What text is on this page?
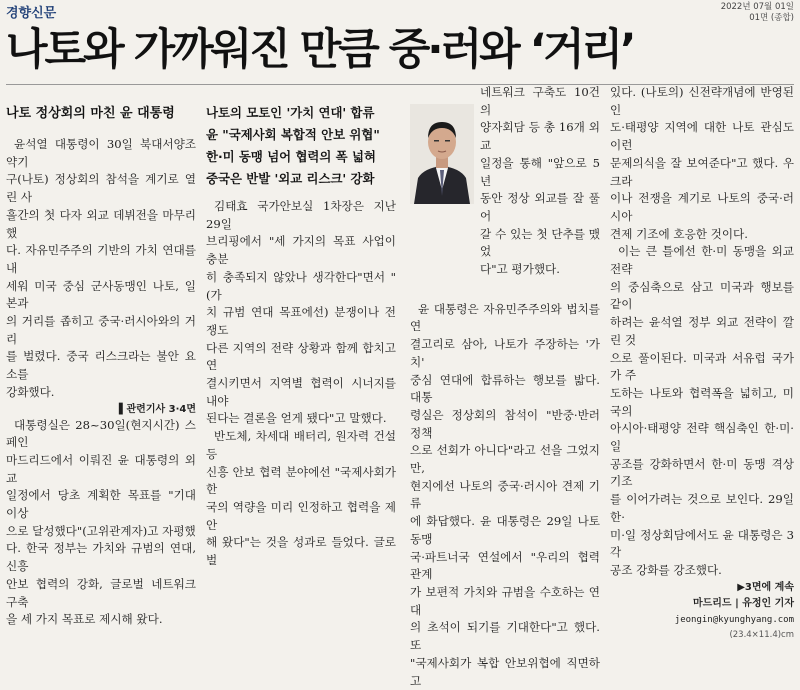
경향신문	2022년 07월 01일
01면 (종합)
나토와 가까워진 만큼 중·러와 ‘거리’
나토 정상회의 마친 윤 대통령

윤석열 대통령이 30일 북대서양조약기

구(나토) 정상회의 참석을 계기로 열린 사

흘간의 첫 다자 외교 데뷔전을 마무리했

다. 자유민주주의 기반의 가치 연대를 내

세워 미국 중심 군사동맹인 나토, 일본과

의 거리를 좁히고 중국·러시아와의 거리

를 벌렸다. 중국 리스크라는 불안 요소를

강화했다.

▌관련기사 3·4면

대통령실은 28~30일(현지시간) 스페인

마드리드에서 이뤄진 윤 대통령의 외교

일정에서 당초 계획한 목표를 "기대 이상

으로 달성했다"(고위관계자)고 자평했

다. 한국 정부는 가치와 규범의 연대, 신흥

안보 협력의 강화, 글로벌 네트워크 구축

을 세 가지 목표로 제시해 왔다.

나토의 모토인 '가치 연대' 합류
윤 "국제사회 복합적 안보 위협"
한·미 동맹 넘어 협력의 폭 넓혀
중국은 반발 '외교 리스크' 강화

김태효 국가안보실 1차장은 지난 29일

브리핑에서 "세 가지의 목표 사업이 충분

히 충족되지 않았나 생각한다"면서 "(가

치 규범 연대 목표에선) 분쟁이나 전쟁도

다른 지역의 전략 상황과 함께 합치고 연

결시키면서 지역별 협력이 시너지를 내야

된다는 결론을 얻게 됐다"고 말했다.

반도체, 차세대 배터리, 원자력 건설 등

신흥 안보 협력 분야에선 "국제사회가 한

국의 역량을 미리 인정하고 협력을 제안

해 왔다"는 것을 성과로 들었다. 글로벌

네트워크 구축도 10건의

양자회담 등 총 16개 외교

일정을 통해 "앞으로 5년

동안 정상 외교를 잘 풀어

갈 수 있는 첫 단추를 맸었

다"고 평가했다.

윤 대통령은 자유민주주의와 법치를 연

결고리로 삼아, 나토가 주장하는 '가치'

중심 연대에 합류하는 행보를 밟다. 대통

령실은 정상회의 참석이 "반중·반러 정책

으로 선회가 아니다"라고 선을 그었지만,

현지에선 나토의 중국·러시아 견제 기류

에 화답했다. 윤 대통령은 29일 나토 동맹

국·파트너국 연설에서 "우리의 협력 관계

가 보편적 가치와 규범을 수호하는 연대

의 초석이 되기를 기대한다"고 했다. 또

"국제사회가 복합 안보위협에 직면하고

있다. (나토의) 신전략개념에 반영된 인

도·태평양 지역에 대한 나토 관심도 이런

문제의식을 잘 보여준다"고 했다. 우크라

이나 전쟁을 계기로 나토의 중국·러시아

견제 기조에 호응한 것이다.

이는 큰 틀에선 한·미 동맹을 외교 전략

의 중심축으로 삼고 미국과 행보를 같이

하려는 윤석열 정부 외교 전략이 깔린 것

으로 풀이된다. 미국과 서유럽 국가가 주

도하는 나토와 협력폭을 넓히고, 미국의

아시아·태평양 전략 핵심축인 한·미·일

공조를 강화하면서 한·미 동맹 격상 기조

를 이어가려는 것으로 보인다. 29일 한·

미·일 정상회담에서도 윤 대통령은 3각

공조 강화를 강조했다.

▶3면에 계속
마드리드 | 유정인 기자
jeongin@kyunghyang.com
(23.4×11.4)cm
